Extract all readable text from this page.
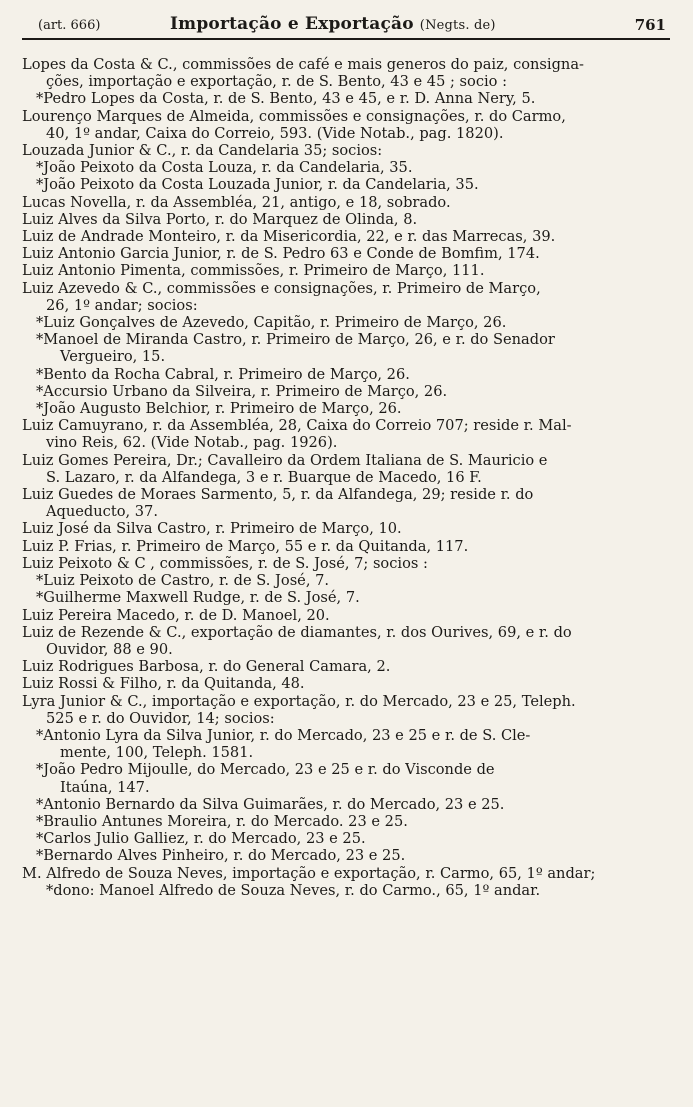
(art. 666)	Importação e Exportação (Negts. de)	761
Lopes da Costa & C., commissões de café e mais generos do paiz, consigna-
ções, importação e exportação, r. de S. Bento, 43 e 45 ; socio :
*Pedro Lopes da Costa, r. de S. Bento, 43 e 45, e r. D. Anna Nery, 5.
Lourenço Marques de Almeida, commissões e consignações, r. do Carmo,
40, 1º andar, Caixa do Correio, 593. (Vide Notab., pag. 1820).
Louzada Junior & C., r. da Candelaria 35; socios:
*João Peixoto da Costa Louza, r. da Candelaria, 35.
*João Peixoto da Costa Louzada Junior, r. da Candelaria, 35.
Lucas Novella, r. da Assembléa, 21, antigo, e 18, sobrado.
Luiz Alves da Silva Porto, r. do Marquez de Olinda, 8.
Luiz de Andrade Monteiro, r. da Misericordia, 22, e r. das Marrecas, 39.
Luiz Antonio Garcia Junior, r. de S. Pedro 63 e Conde de Bomfim, 174.
Luiz Antonio Pimenta, commissões, r. Primeiro de Março, 111.
Luiz Azevedo & C., commissões e consignações, r. Primeiro de Março,
26, 1º andar; socios:
*Luiz Gonçalves de Azevedo, Capitão, r. Primeiro de Março, 26.
*Manoel de Miranda Castro, r. Primeiro de Março, 26, e r. do Senador
Vergueiro, 15.
*Bento da Rocha Cabral, r. Primeiro de Março, 26.
*Accursio Urbano da Silveira, r. Primeiro de Março, 26.
*João Augusto Belchior, r. Primeiro de Março, 26.
Luiz Camuyrano, r. da Assembléa, 28, Caixa do Correio 707; reside r. Mal-
vino Reis, 62. (Vide Notab., pag. 1926).
Luiz Gomes Pereira, Dr.; Cavalleiro da Ordem Italiana de S. Mauricio e
S. Lazaro, r. da Alfandega, 3 e r. Buarque de Macedo, 16 F.
Luiz Guedes de Moraes Sarmento, 5, r. da Alfandega, 29; reside r. do
Aqueducto, 37.
Luiz José da Silva Castro, r. Primeiro de Março, 10.
Luiz P. Frias, r. Primeiro de Março, 55 e r. da Quitanda, 117.
Luiz Peixoto & C , commissões, r. de S. José, 7; socios :
*Luiz Peixoto de Castro, r. de S. José, 7.
*Guilherme Maxwell Rudge, r. de S. José, 7.
Luiz Pereira Macedo, r. de D. Manoel, 20.
Luiz de Rezende & C., exportação de diamantes, r. dos Ourives, 69, e r. do
Ouvidor, 88 e 90.
Luiz Rodrigues Barbosa, r. do General Camara, 2.
Luiz Rossi & Filho, r. da Quitanda, 48.
Lyra Junior & C., importação e exportação, r. do Mercado, 23 e 25, Teleph.
525 e r. do Ouvidor, 14; socios:
*Antonio Lyra da Silva Junior, r. do Mercado, 23 e 25 e r. de S. Cle-
mente, 100, Teleph. 1581.
*João Pedro Mijoulle, do Mercado, 23 e 25 e r. do Visconde de
Itaúna, 147.
*Antonio Bernardo da Silva Guimarães, r. do Mercado, 23 e 25.
*Braulio Antunes Moreira, r. do Mercado. 23 e 25.
*Carlos Julio Galliez, r. do Mercado, 23 e 25.
*Bernardo Alves Pinheiro, r. do Mercado, 23 e 25.
M. Alfredo de Souza Neves, importação e exportação, r. Carmo, 65, 1º andar;
*dono: Manoel Alfredo de Souza Neves, r. do Carmo., 65, 1º andar.
